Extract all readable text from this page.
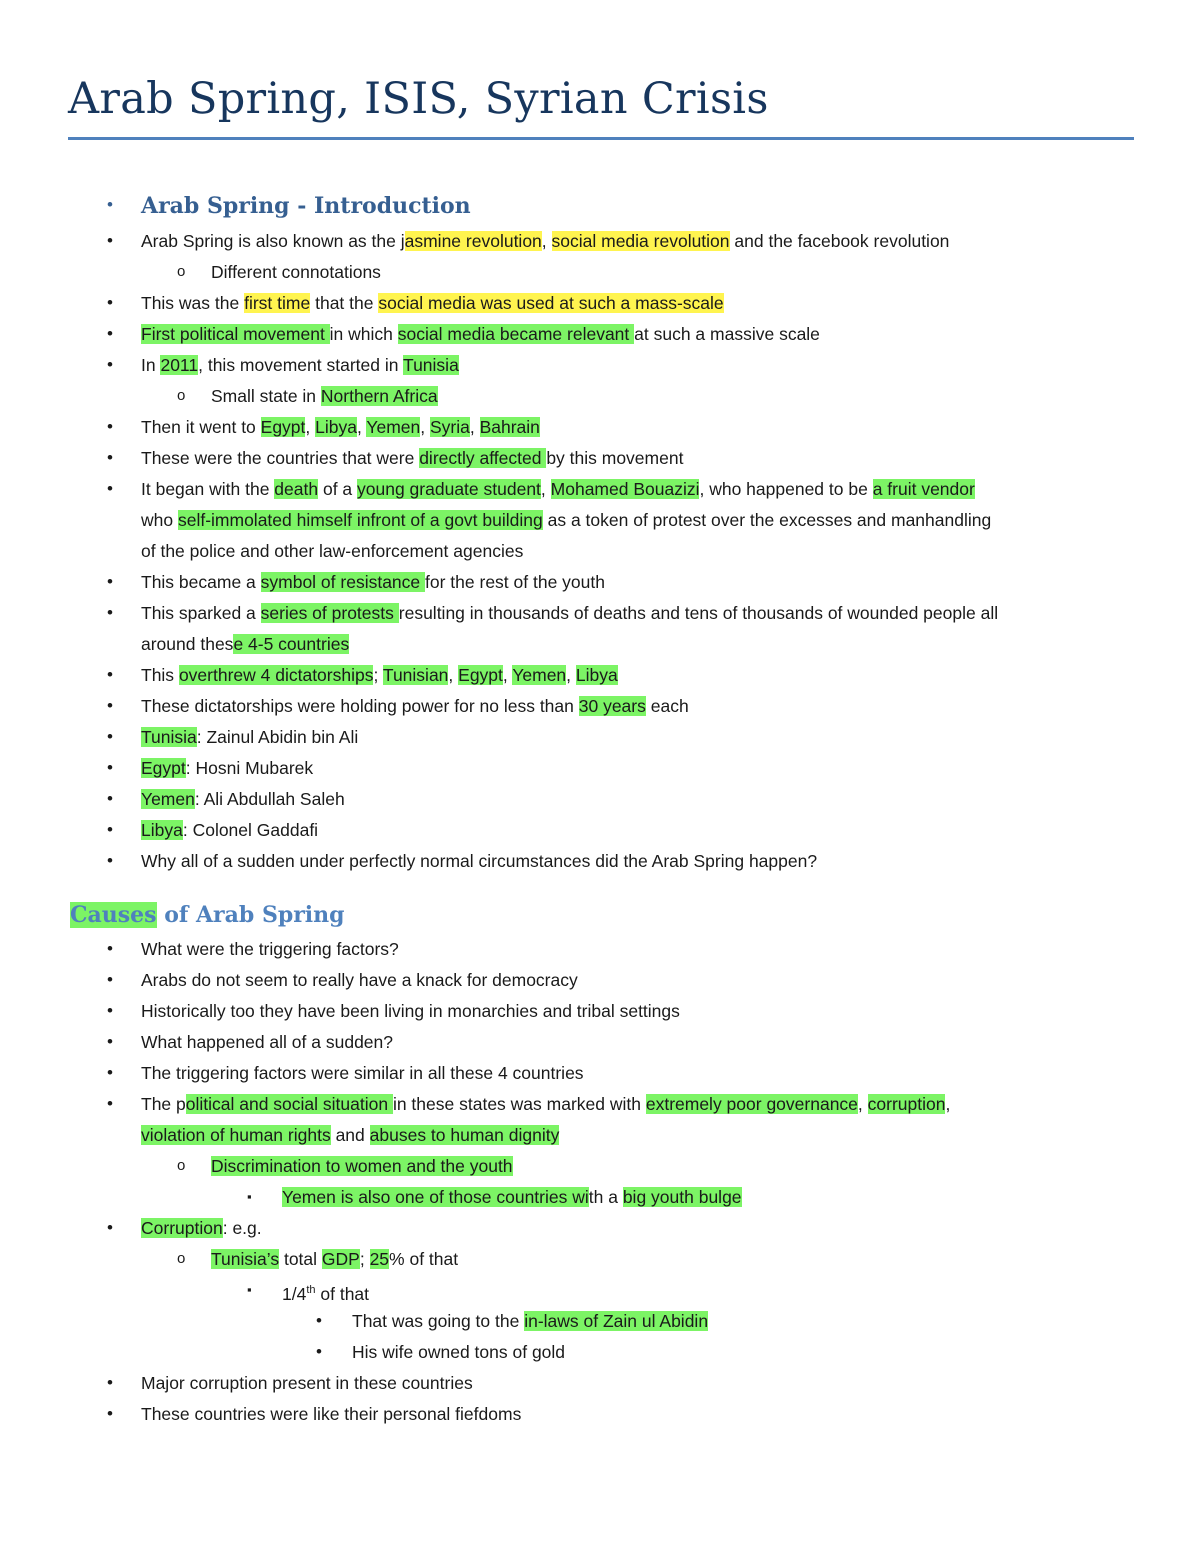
Arab Spring, ISIS, Syrian Crisis
• Arab Spring - Introduction
• Arab Spring is also known as the jasmine revolution, social media revolution and the facebook revolution
o Different connotations
• This was the first time that the social media was used at such a mass-scale
• First political movement in which social media became relevant at such a massive scale
• In 2011, this movement started in Tunisia
o Small state in Northern Africa
• Then it went to Egypt, Libya, Yemen, Syria, Bahrain
• These were the countries that were directly affected by this movement
• It began with the death of a young graduate student, Mohamed Bouazizi, who happened to be a fruit vendor
who self-immolated himself infront of a govt building as a token of protest over the excesses and manhandling
of the police and other law-enforcement agencies
• This became a symbol of resistance for the rest of the youth
• This sparked a series of protests resulting in thousands of deaths and tens of thousands of wounded people all
around these 4-5 countries
• This overthrew 4 dictatorships; Tunisian, Egypt, Yemen, Libya
• These dictatorships were holding power for no less than 30 years each
• Tunisia: Zainul Abidin bin Ali
• Egypt: Hosni Mubarek
• Yemen: Ali Abdullah Saleh
• Libya: Colonel Gaddafi
• Why all of a sudden under perfectly normal circumstances did the Arab Spring happen?
Causes of Arab Spring
• What were the triggering factors?
• Arabs do not seem to really have a knack for democracy
• Historically too they have been living in monarchies and tribal settings
• What happened all of a sudden?
• The triggering factors were similar in all these 4 countries
• The political and social situation in these states was marked with extremely poor governance, corruption,
violation of human rights and abuses to human dignity
o Discrimination to women and the youth
▪ Yemen is also one of those countries with a big youth bulge
• Corruption: e.g.
o Tunisia’s total GDP; 25% of that
▪ 1/4th of that
• That was going to the in-laws of Zain ul Abidin
• His wife owned tons of gold
• Major corruption present in these countries
• These countries were like their personal fiefdoms
